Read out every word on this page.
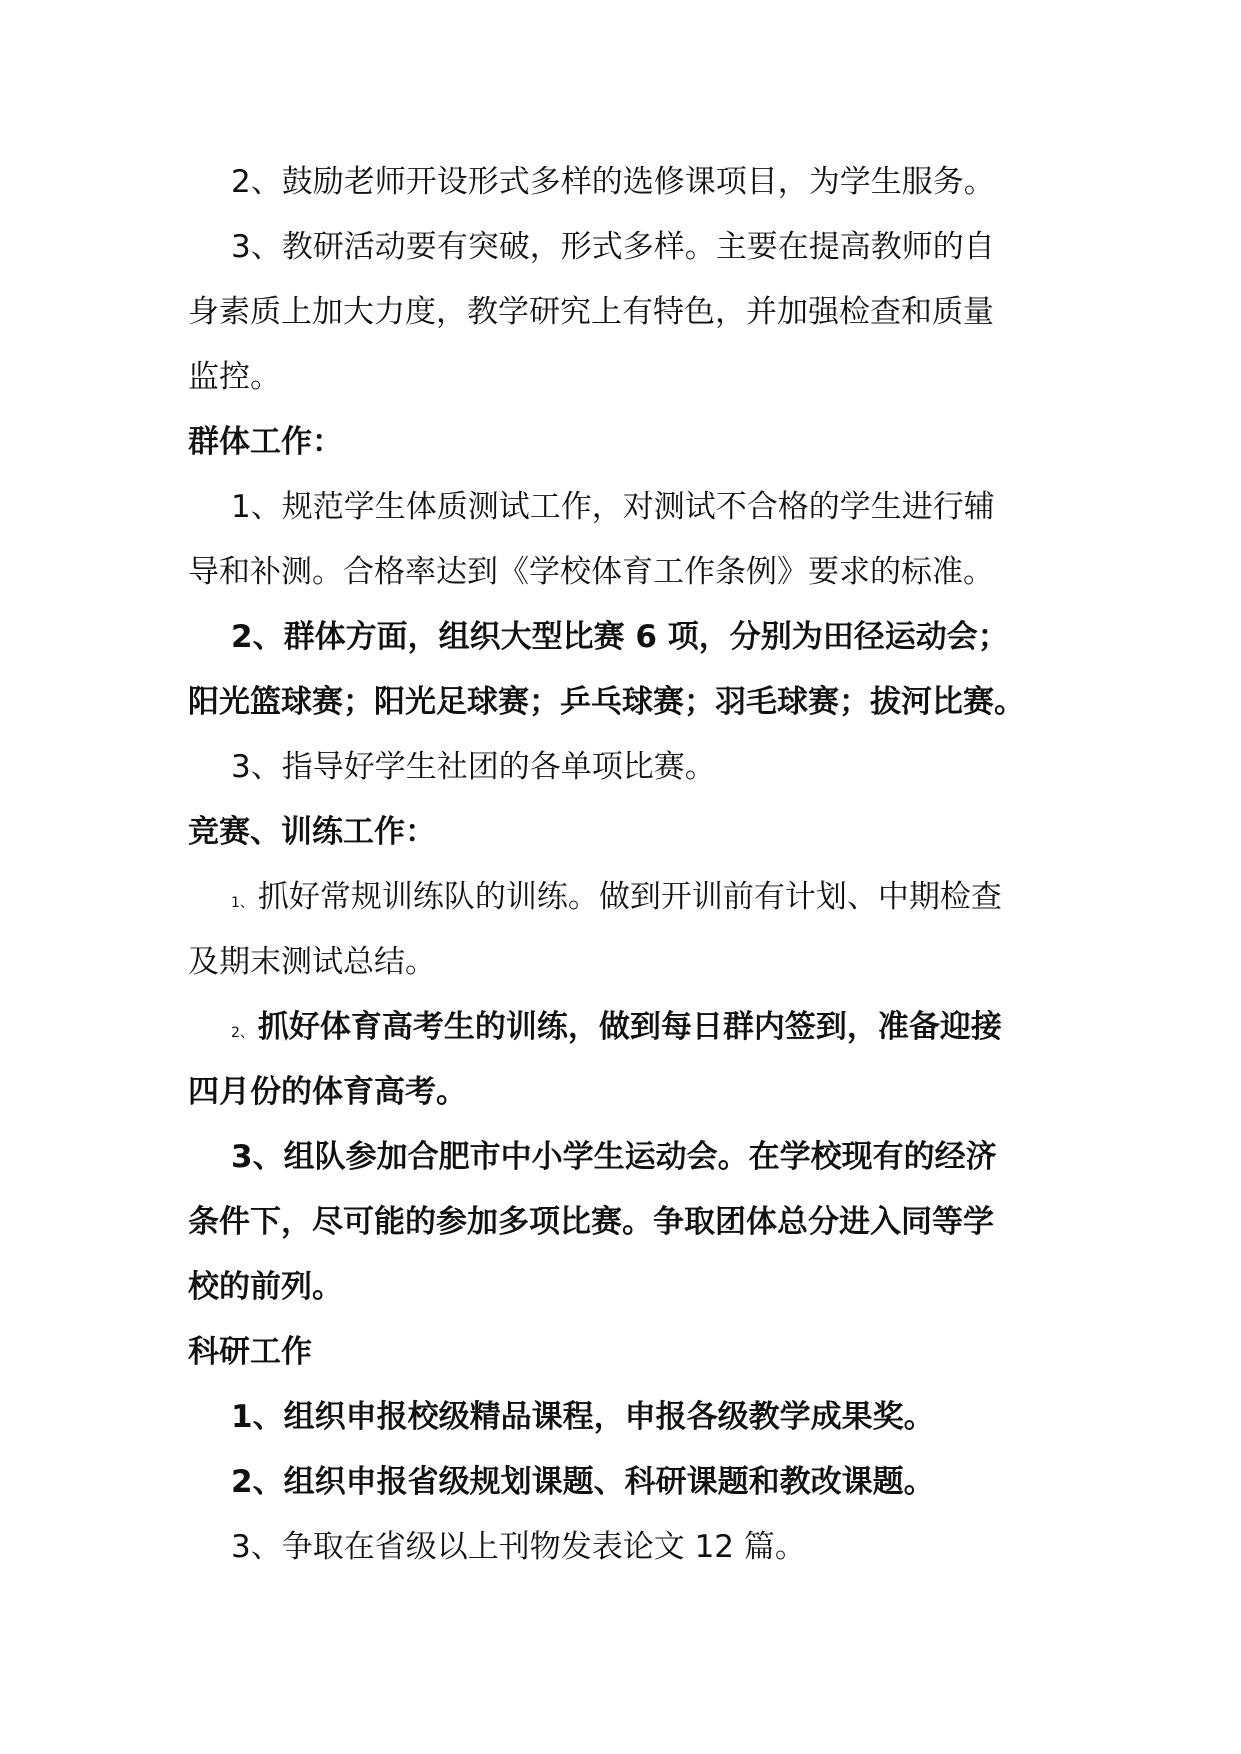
2、鼓励老师开设形式多样的选修课项目，为学生服务。

3、教研活动要有突破，形式多样。主要在提高教师的自

身素质上加大力度，教学研究上有特色，并加强检查和质量

监控。

群体工作：

1、规范学生体质测试工作，对测试不合格的学生进行辅

导和补测。合格率达到《学校体育工作条例》要求的标准。

2、群体方面，组织大型比赛 6 项，分别为田径运动会；

阳光篮球赛；阳光足球赛；乒乓球赛；羽毛球赛；拔河比赛。

3、指导好学生社团的各单项比赛。

竞赛、训练工作：

1、 抓好常规训练队的训练。做到开训前有计划、中期检查

及期末测试总结。

2、 抓好体育高考生的训练，做到每日群内签到，准备迎接

四月份的体育高考。

3、组队参加合肥市中小学生运动会。在学校现有的经济

条件下，尽可能的参加多项比赛。争取团体总分进入同等学

校的前列。

科研工作

1、组织申报校级精品课程，申报各级教学成果奖。

2、组织申报省级规划课题、科研课题和教改课题。

3、争取在省级以上刊物发表论文 12 篇。
